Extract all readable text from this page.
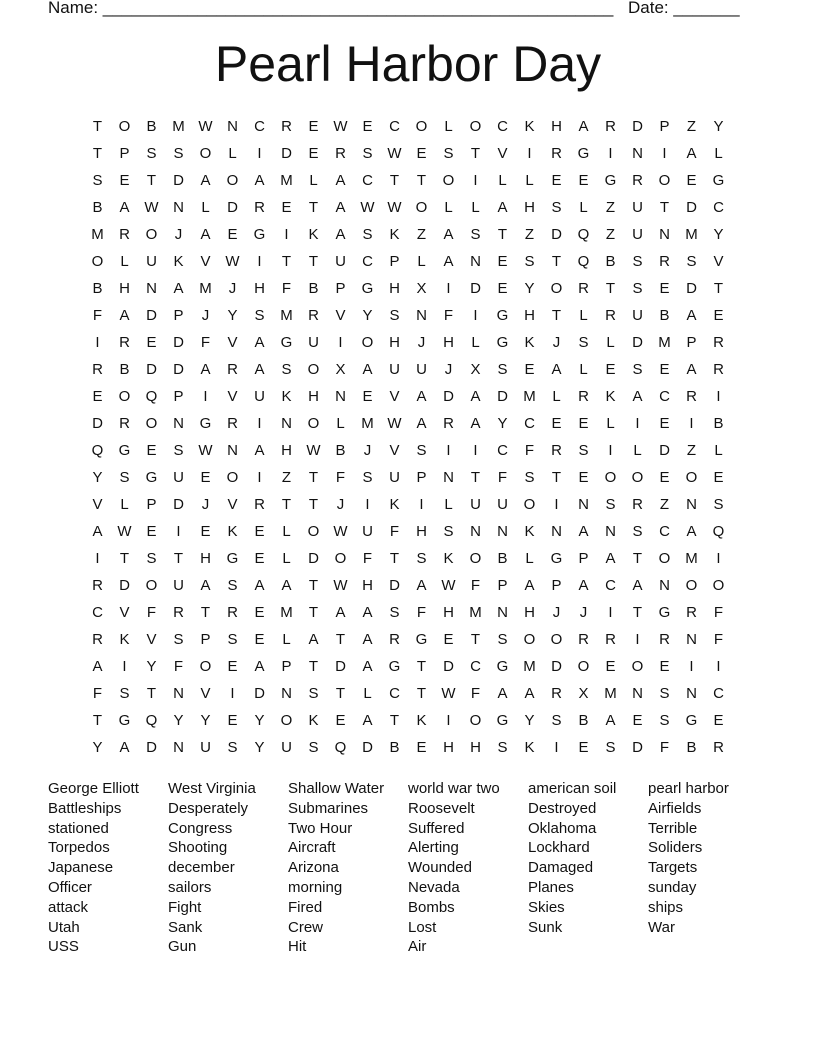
Name: ______________________________________________________ Date: _______
Pearl Harbor Day
T	O	B	M W N	C	R	E W E	C	O	L	O	C	K	H	A	R	D	P	Z	Y
T	P	S	S	O	L	I	D	E	R	S W E	S	T	V	I	R	G	I	N	I	A	L
S	E	T	D	A	O	A	M	L	A	C	T	T	O	I	L	L	E	E	G	R	O	E	G
B	A W N	L	D	R	E	T	A W W O	L	L	A	H	S	L	Z	U	T	D	C
M	R	O	J	A	E	G	I	K	A	S	K	Z	A	S	T	Z	D	Q	Z	U	N	M	Y
O	L	U	K	V W	I	T	T	U	C	P	L	A	N	E	S	T	Q	B	S	R	S	V
B	H	N	A	M	J	H	F	B	P	G	H	X	I	D	E	Y	O	R	T	S	E	D	T
F	A	D	P	J	Y	S	M	R	V	Y	S	N	F	I	G	H	T	L	R	U	B	A	E
I	R	E	D	F	V	A	G	U	I	O	H	J	H	L	G	K	J	S	L	D	M	P	R
R	B	D	D	A	R	A	S	O	X	A	U	U	J	X	S	E	A	L	E	S	E	A	R
E	O	Q	P	I	V	U	K	H	N	E	V	A	D	A	D	M	L	R	K	A	C	R	I
D	R	O	N	G	R	I	N	O	L	M W A	R	A	Y	C	E	E	L	I	E	I	B
Q	G	E	S W N	A	H W B	J	V	S	I	I	C	F	R	S	I	L	D	Z	L
Y	S	G	U	E	O	I	Z	T	F	S	U	P	N	T	F	S	T	E	O	O	E	O	E
V	L	P	D	J	V	R	T	T	J	I	K	I	L	U	U	O	I	N	S	R	Z	N	S
A W E	I	E	K	E	L	O W U	F	H	S	N	N	K	N	A	N	S	C	A	Q
I	T	S	T	H	G	E	L	D	O	F	T	S	K	O	B	L	G	P	A	T	O M	I
R	D	O	U	A	S	A	A	T	W H	D	A W	F	P	A	P	A	C	A	N	O	O
C	V	F	R	T	R	E	M	T	A	A	S	F	H	M	N	H	J	J	I	T	G	R	F
R	K	V	S	P	S	E	L	A	T	A	R	G	E	T	S	O	O	R	R	I	R	N	F
A	I	Y	F	O	E	A	P	T	D	A	G	T	D	C	G M	D	O	E	O	E	I	I
F	S	T	N	V	I	D	N	S	T	L	C	T	W	F	A	A	R	X	M	N	S	N	C
T	G	Q	Y	Y	E	Y	O	K	E	A	T	K	I	O	G	Y	S	B	A	E	S	G	E
Y	A	D	N	U	S	Y	U	S	Q	D	B	E	H	H	S	K	I	E	S	D	F	B	R
George Elliott
Battleships
stationed
Torpedos
Japanese
Officer
attack
Utah
USS
West Virginia
Desperately
Congress
Shooting
december
sailors
Fight
Sank
Gun
Shallow Water
Submarines
Two Hour
Aircraft
Arizona
morning
Fired
Crew
Hit
world war two
Roosevelt
Suffered
Alerting
Wounded
Nevada
Bombs
Lost
Air
american soil
Destroyed
Oklahoma
Lockhard
Damaged
Planes
Skies
Sunk
pearl harbor
Airfields
Terrible
Soliders
Targets
sunday
ships
War
